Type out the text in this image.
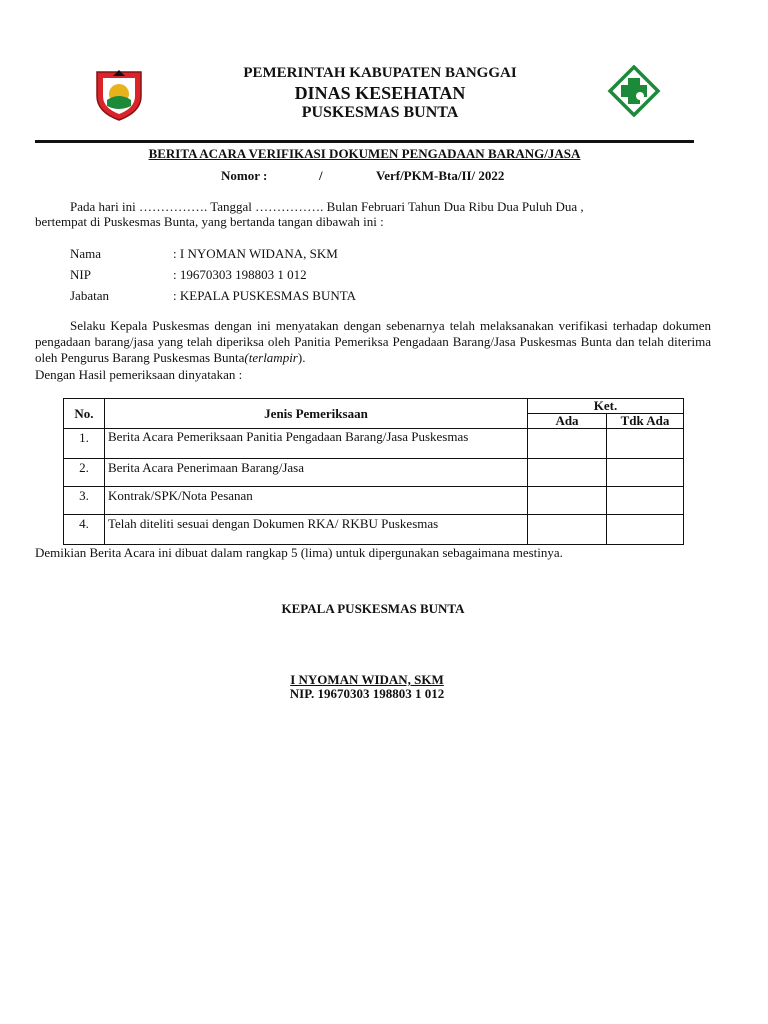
PEMERINTAH KABUPATEN BANGGAI
DINAS KESEHATAN
PUSKESMAS BUNTA
BERITA ACARA VERIFIKASI DOKUMEN PENGADAAN BARANG/JASA
Nomor :	/	Verf/PKM-Bta/II/ 2022
Pada hari ini ……………. Tanggal ……………. Bulan Februari Tahun Dua Ribu Dua Puluh Dua ,
bertempat di Puskesmas Bunta, yang bertanda tangan dibawah ini :
Nama	: I NYOMAN WIDANA, SKM
NIP	: 19670303 198803 1 012
Jabatan	: KEPALA PUSKESMAS BUNTA
Selaku Kepala Puskesmas dengan ini menyatakan dengan sebenarnya telah melaksanakan verifikasi terhadap dokumen pengadaan barang/jasa yang telah diperiksa oleh Panitia Pemeriksa Pengadaan Barang/Jasa Puskesmas Bunta dan telah diterima oleh Pengurus Barang Puskesmas Bunta(terlampir).
Dengan Hasil pemeriksaan dinyatakan :
No.	Jenis Pemeriksaan	Ket.	
		Ada	Tdk Ada
1.	Berita Acara Pemeriksaan Panitia Pengadaan Barang/Jasa Puskesmas		
2.	Berita Acara Penerimaan Barang/Jasa		
3.	Kontrak/SPK/Nota Pesanan		
4.	Telah diteliti sesuai dengan Dokumen RKA/ RKBU Puskesmas		
Demikian Berita Acara ini dibuat dalam rangkap 5 (lima) untuk dipergunakan sebagaimana mestinya.
KEPALA PUSKESMAS BUNTA
I NYOMAN WIDAN, SKM
NIP. 19670303 198803 1 012
